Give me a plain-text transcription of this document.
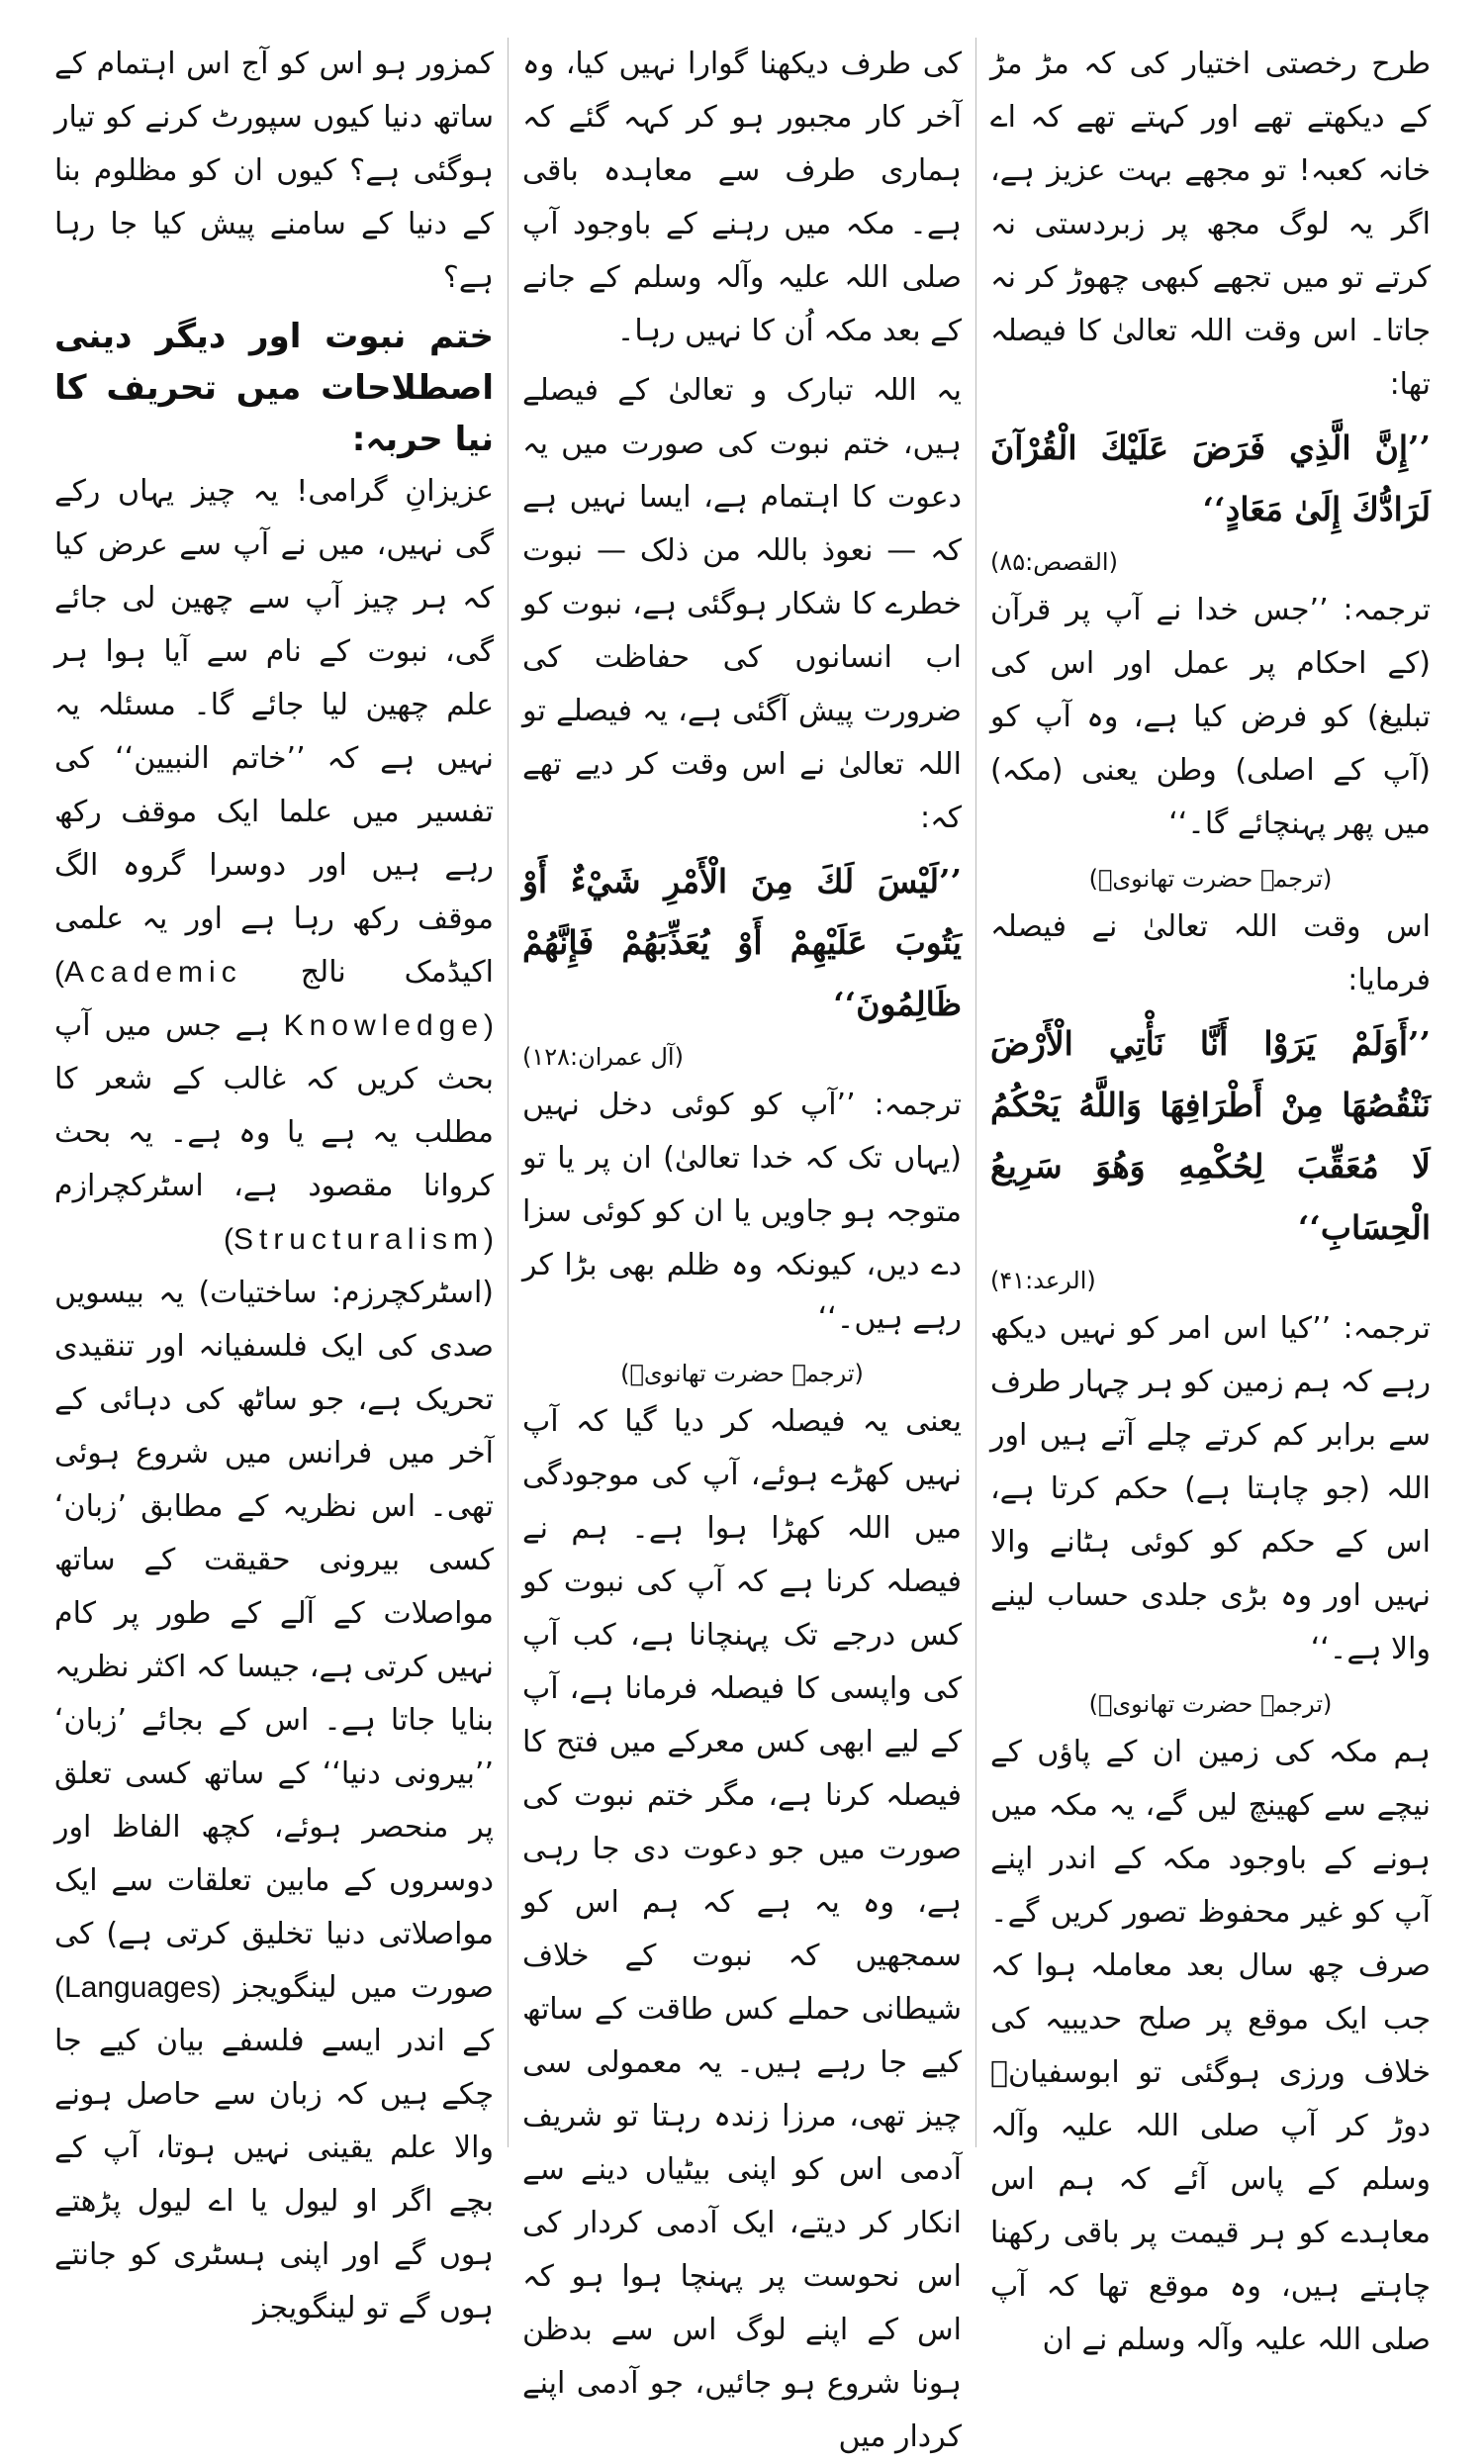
طرح رخصتی اختیار کی کہ مڑ مڑ کے دیکھتے تھے اور کہتے تھے کہ اے خانہ کعبہ! تو مجھے بہت عزیز ہے، اگر یہ لوگ مجھ پر زبردستی نہ کرتے تو میں تجھے کبھی چھوڑ کر نہ جاتا۔ اس وقت اللہ تعالیٰ کا فیصلہ تھا:

’’إِنَّ الَّذِي فَرَضَ عَلَيْكَ الْقُرْآنَ لَرَادُّكَ إِلَىٰ مَعَادٍ‘‘

(القصص:۸۵)

ترجمہ: ’’جس خدا نے آپ پر قرآن (کے احکام پر عمل اور اس کی تبلیغ) کو فرض کیا ہے، وہ آپ کو (آپ کے اصلی) وطن یعنی (مکہ) میں پھر پہنچائے گا۔‘‘

(ترجمہ حضرت تھانویؒ)

اس وقت اللہ تعالیٰ نے فیصلہ فرمایا:

’’أَوَلَمْ يَرَوْا أَنَّا نَأْتِي الْأَرْضَ نَنْقُصُهَا مِنْ أَطْرَافِهَا وَاللَّهُ يَحْكُمُ لَا مُعَقِّبَ لِحُكْمِهِ وَهُوَ سَرِيعُ الْحِسَابِ‘‘

(الرعد:۴۱)

ترجمہ: ’’کیا اس امر کو نہیں دیکھ رہے کہ ہم زمین کو ہر چہار طرف سے برابر کم کرتے چلے آتے ہیں اور اللہ (جو چاہتا ہے) حکم کرتا ہے، اس کے حکم کو کوئی ہٹانے والا نہیں اور وہ بڑی جلدی حساب لینے والا ہے۔‘‘

(ترجمہ حضرت تھانویؒ)

ہم مکہ کی زمین ان کے پاؤں کے نیچے سے کھینچ لیں گے، یہ مکہ میں ہونے کے باوجود مکہ کے اندر اپنے آپ کو غیر محفوظ تصور کریں گے۔ صرف چھ سال بعد معاملہ ہوا کہ جب ایک موقع پر صلح حدیبیہ کی خلاف ورزی ہوگئی تو ابوسفیانؓ دوڑ کر آپ صلی اللہ علیہ وآلہ وسلم کے پاس آئے کہ ہم اس معاہدے کو ہر قیمت پر باقی رکھنا چاہتے ہیں، وہ موقع تھا کہ آپ صلی اللہ علیہ وآلہ وسلم نے ان

کی طرف دیکھنا گوارا نہیں کیا، وہ آخر کار مجبور ہو کر کہہ گئے کہ ہماری طرف سے معاہدہ باقی ہے۔ مکہ میں رہنے کے باوجود آپ صلی اللہ علیہ وآلہ وسلم کے جانے کے بعد مکہ اُن کا نہیں رہا۔

یہ اللہ تبارک و تعالیٰ کے فیصلے ہیں، ختم نبوت کی صورت میں یہ دعوت کا اہتمام ہے، ایسا نہیں ہے کہ — نعوذ باللہ من ذلک — نبوت خطرے کا شکار ہوگئی ہے، نبوت کو اب انسانوں کی حفاظت کی ضرورت پیش آگئی ہے، یہ فیصلے تو اللہ تعالیٰ نے اس وقت کر دیے تھے کہ:

’’لَيْسَ لَكَ مِنَ الْأَمْرِ شَيْءٌ أَوْ يَتُوبَ عَلَيْهِمْ أَوْ يُعَذِّبَهُمْ فَإِنَّهُمْ ظَالِمُونَ‘‘

(آل عمران:۱۲۸)

ترجمہ: ’’آپ کو کوئی دخل نہیں (یہاں تک کہ خدا تعالیٰ) ان پر یا تو متوجہ ہو جاویں یا ان کو کوئی سزا دے دیں، کیونکہ وہ ظلم بھی بڑا کر رہے ہیں۔‘‘

(ترجمہ حضرت تھانویؒ)

یعنی یہ فیصلہ کر دیا گیا کہ آپ نہیں کھڑے ہوئے، آپ کی موجودگی میں اللہ کھڑا ہوا ہے۔ ہم نے فیصلہ کرنا ہے کہ آپ کی نبوت کو کس درجے تک پہنچانا ہے، کب آپ کی واپسی کا فیصلہ فرمانا ہے، آپ کے لیے ابھی کس معرکے میں فتح کا فیصلہ کرنا ہے، مگر ختم نبوت کی صورت میں جو دعوت دی جا رہی ہے، وہ یہ ہے کہ ہم اس کو سمجھیں کہ نبوت کے خلاف شیطانی حملے کس طاقت کے ساتھ کیے جا رہے ہیں۔ یہ معمولی سی چیز تھی، مرزا زندہ رہتا تو شریف آدمی اس کو اپنی بیٹیاں دینے سے انکار کر دیتے، ایک آدمی کردار کی اس نحوست پر پہنچا ہوا ہو کہ اس کے اپنے لوگ اس سے بدظن ہونا شروع ہو جائیں، جو آدمی اپنے کردار میں

کمزور ہو اس کو آج اس اہتمام کے ساتھ دنیا کیوں سپورٹ کرنے کو تیار ہوگئی ہے؟ کیوں ان کو مظلوم بنا کے دنیا کے سامنے پیش کیا جا رہا ہے؟

ختم نبوت اور دیگر دینی اصطلاحات میں تحریف کا نیا حربہ:

عزیزانِ گرامی! یہ چیز یہاں رکے گی نہیں، میں نے آپ سے عرض کیا کہ ہر چیز آپ سے چھین لی جائے گی، نبوت کے نام سے آیا ہوا ہر علم چھین لیا جائے گا۔ مسئلہ یہ نہیں ہے کہ ’’خاتم النبیین‘‘ کی تفسیر میں علما ایک موقف رکھ رہے ہیں اور دوسرا گروہ الگ موقف رکھ رہا ہے اور یہ علمی اکیڈمک نالج (Academic Knowledge) ہے جس میں آپ بحث کریں کہ غالب کے شعر کا مطلب یہ ہے یا وہ ہے۔ یہ بحث کروانا مقصود ہے، اسٹرکچرازم (Structuralism) (اسٹرکچرزم: ساختیات) یہ بیسویں صدی کی ایک فلسفیانہ اور تنقیدی تحریک ہے، جو ساٹھ کی دہائی کے آخر میں فرانس میں شروع ہوئی تھی۔ اس نظریہ کے مطابق ’زبان‘ کسی بیرونی حقیقت کے ساتھ مواصلات کے آلے کے طور پر کام نہیں کرتی ہے، جیسا کہ اکثر نظریہ بنایا جاتا ہے۔ اس کے بجائے ’زبان‘ ’’بیرونی دنیا‘‘ کے ساتھ کسی تعلق پر منحصر ہوئے، کچھ الفاظ اور دوسروں کے مابین تعلقات سے ایک مواصلاتی دنیا تخلیق کرتی ہے) کی صورت میں لینگویجز (Languages) کے اندر ایسے فلسفے بیان کیے جا چکے ہیں کہ زبان سے حاصل ہونے والا علم یقینی نہیں ہوتا، آپ کے بچے اگر او لیول یا اے لیول پڑھتے ہوں گے اور اپنی ہسٹری کو جانتے ہوں گے تو لینگویجز
